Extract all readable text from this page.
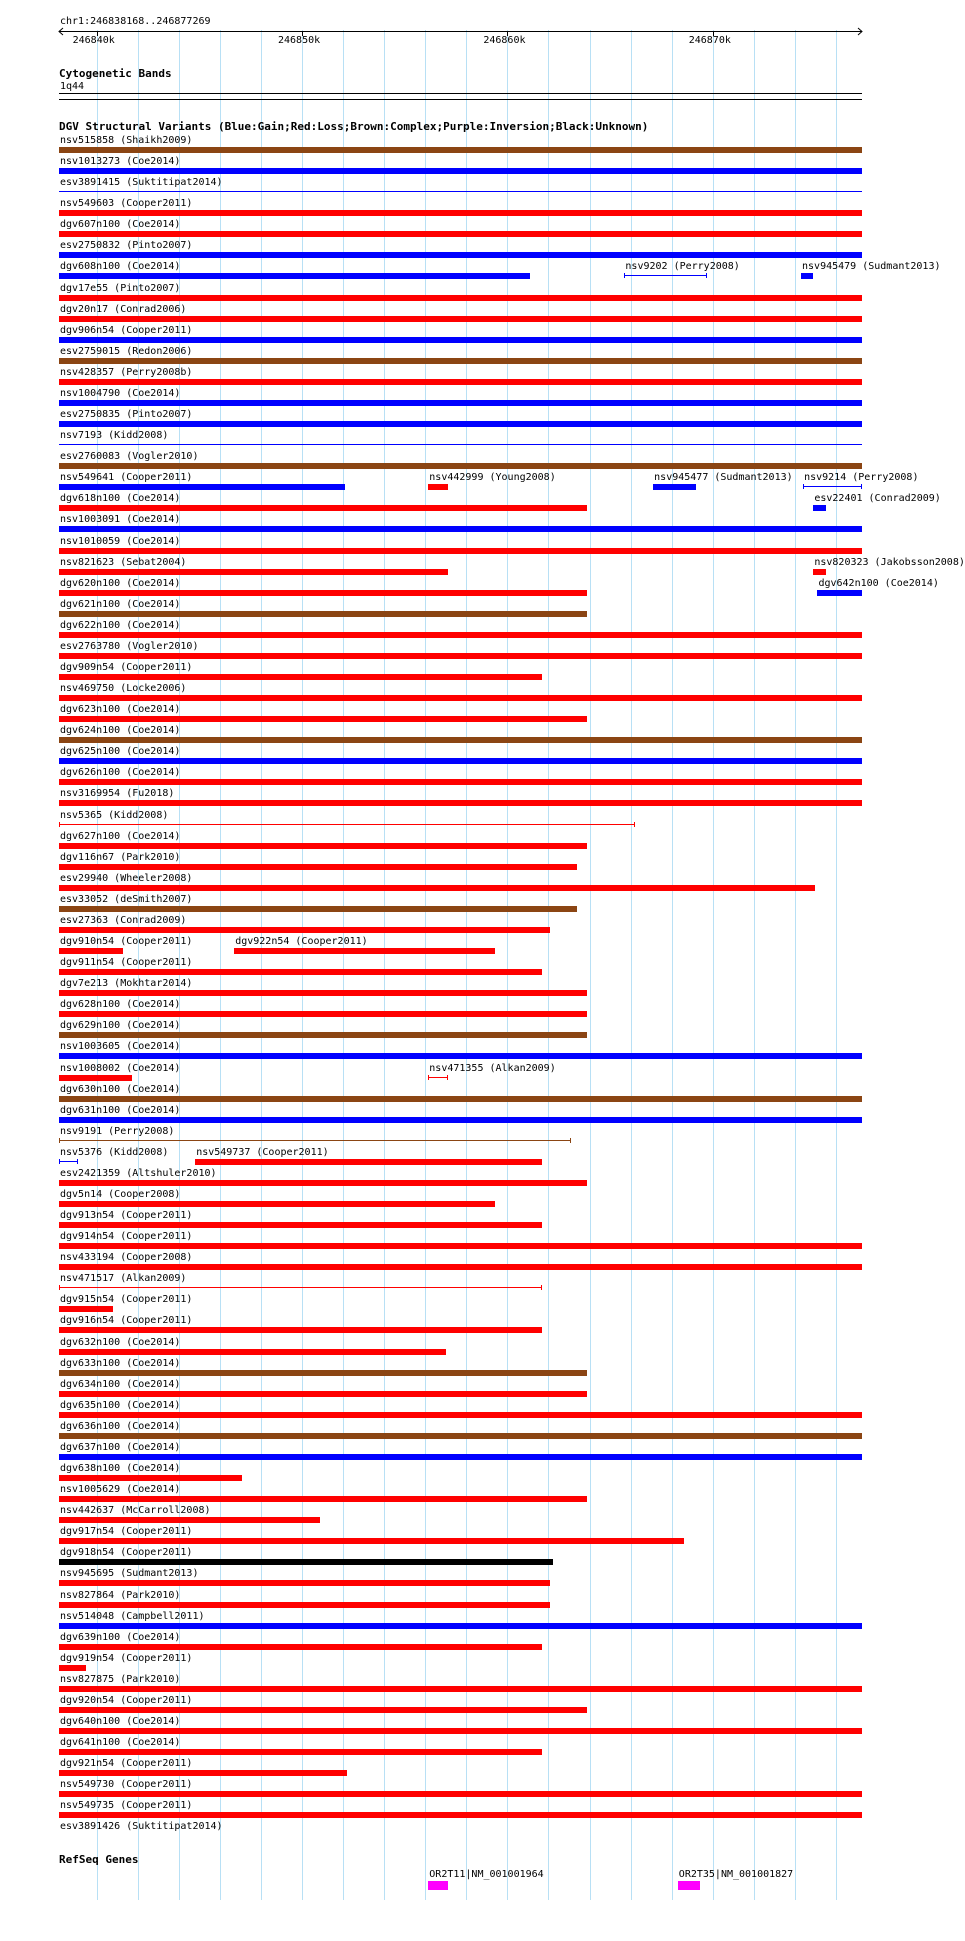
chr1:246838168..246877269
246840k	246850k	246860k	246870k
Cytogenetic Bands
1q44
DGV Structural Variants (Blue:Gain;Red:Loss;Brown:Complex;Purple:Inversion;Black:Unknown)
nsv515858 (Shaikh2009)
nsv1013273 (Coe2014)
esv3891415 (Suktitipat2014)
nsv549603 (Cooper2011)
dgv607n100 (Coe2014)
esv2750832 (Pinto2007)
dgv608n100 (Coe2014)	nsv9202 (Perry2008)	nsv945479 (Sudmant2013)
dgv17e55 (Pinto2007)
dgv20n17 (Conrad2006)
dgv906n54 (Cooper2011)
esv2759015 (Redon2006)
nsv428357 (Perry2008b)
nsv1004790 (Coe2014)
esv2750835 (Pinto2007)
nsv7193 (Kidd2008)
esv2760083 (Vogler2010)
nsv549641 (Cooper2011)	nsv442999 (Young2008)	nsv945477 (Sudmant2013) nsv9214 (Perry2008)
dgv618n100 (Coe2014)	esv22401 (Conrad2009)
nsv1003091 (Coe2014)
nsv1010059 (Coe2014)
nsv821623 (Sebat2004)	nsv820323 (Jakobsson2008)
dgv620n100 (Coe2014)	dgv642n100 (Coe2014)
dgv621n100 (Coe2014)
dgv622n100 (Coe2014)
esv2763780 (Vogler2010)
dgv909n54 (Cooper2011)
nsv469750 (Locke2006)
dgv623n100 (Coe2014)
dgv624n100 (Coe2014)
dgv625n100 (Coe2014)
dgv626n100 (Coe2014)
nsv3169954 (Fu2018)
nsv5365 (Kidd2008)
dgv627n100 (Coe2014)
dgv116n67 (Park2010)
esv29940 (Wheeler2008)
esv33052 (deSmith2007)
esv27363 (Conrad2009)
dgv910n54 (Cooper2011)	dgv922n54 (Cooper2011)
dgv911n54 (Cooper2011)
dgv7e213 (Mokhtar2014)
dgv628n100 (Coe2014)
dgv629n100 (Coe2014)
nsv1003605 (Coe2014)
nsv1008002 (Coe2014)	nsv471355 (Alkan2009)
dgv630n100 (Coe2014)
dgv631n100 (Coe2014)
nsv9191 (Perry2008)
nsv5376 (Kidd2008)	nsv549737 (Cooper2011)
esv2421359 (Altshuler2010)
dgv5n14 (Cooper2008)
dgv913n54 (Cooper2011)
dgv914n54 (Cooper2011)
nsv433194 (Cooper2008)
nsv471517 (Alkan2009)
dgv915n54 (Cooper2011)
dgv916n54 (Cooper2011)
dgv632n100 (Coe2014)
dgv633n100 (Coe2014)
dgv634n100 (Coe2014)
dgv635n100 (Coe2014)
dgv636n100 (Coe2014)
dgv637n100 (Coe2014)
dgv638n100 (Coe2014)
nsv1005629 (Coe2014)
nsv442637 (McCarroll2008)
dgv917n54 (Cooper2011)
dgv918n54 (Cooper2011)
nsv945695 (Sudmant2013)
nsv827864 (Park2010)
nsv514048 (Campbell2011)
dgv639n100 (Coe2014)
dgv919n54 (Cooper2011)
nsv827875 (Park2010)
dgv920n54 (Cooper2011)
dgv640n100 (Coe2014)
dgv641n100 (Coe2014)
dgv921n54 (Cooper2011)
nsv549730 (Cooper2011)
nsv549735 (Cooper2011)
esv3891426 (Suktitipat2014)
RefSeq Genes
OR2T11|NM_001001964	OR2T35|NM_001001827
